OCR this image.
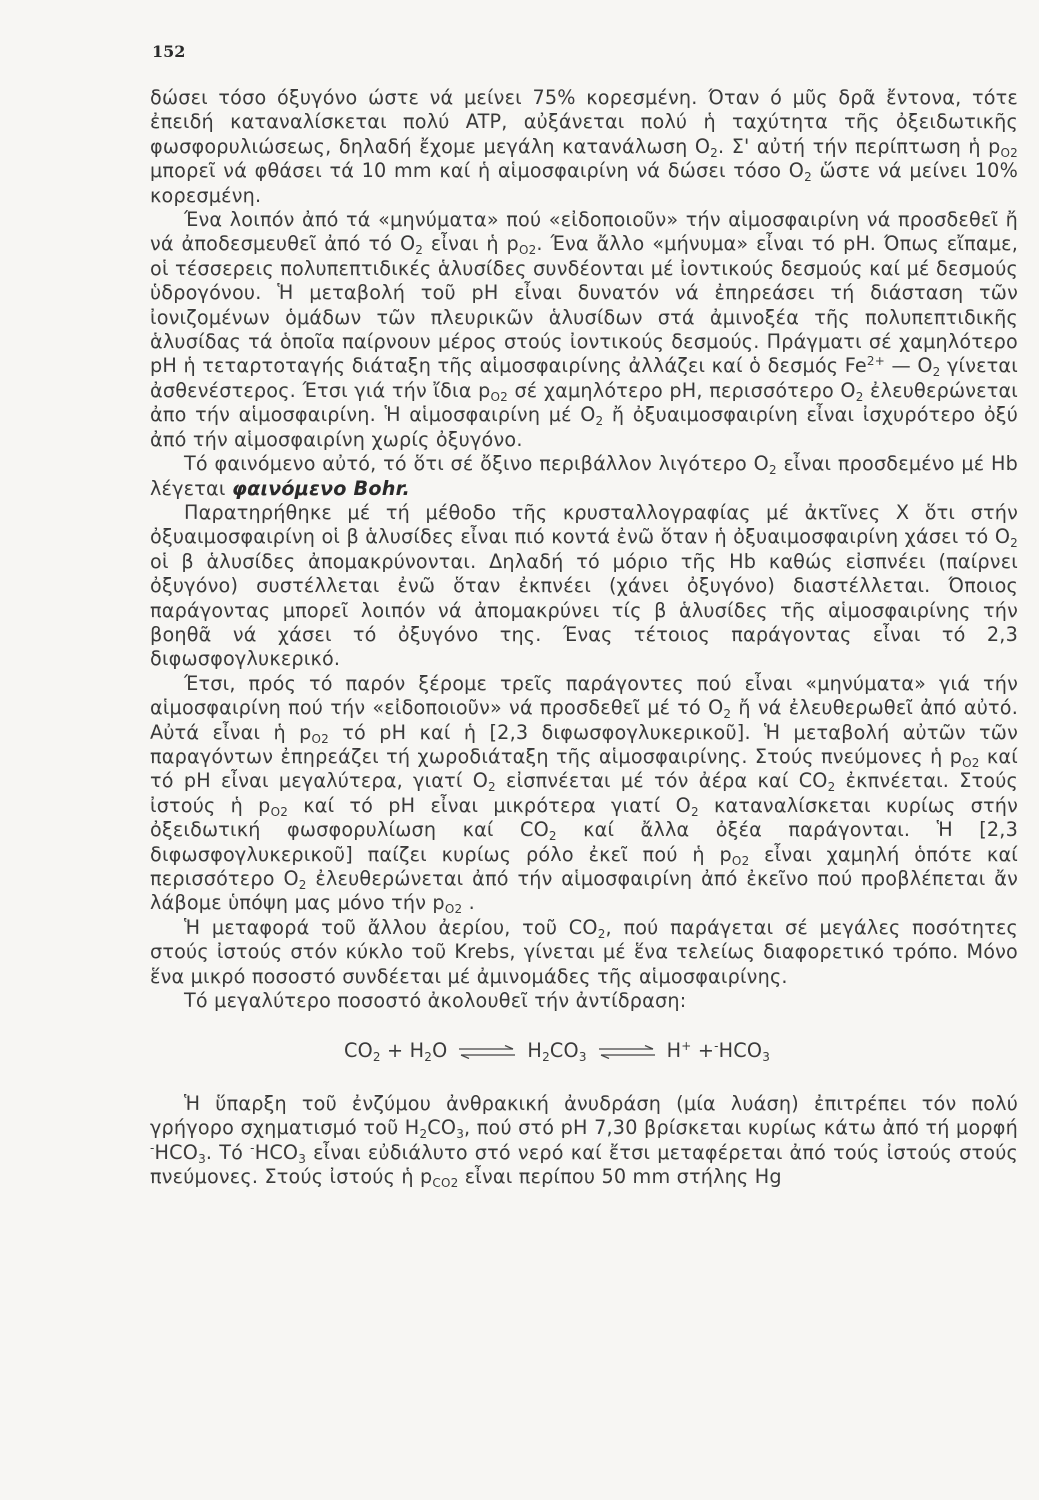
152

δώσει τόσο όξυγόνο ώστε νά μείνει 75% κορεσμένη. Όταν ό μῦς δρᾶ ἔντονα, τότε ἐπειδή καταναλίσκεται πολύ ATP, αὐξάνεται πολύ ἡ ταχύτητα τῆς ὀξειδωτικῆς φωσφορυλιώσεως, δηλαδή ἔχομε μεγάλη κατανάλωση $O_2$. Σ' αὐτή τήν περίπτωση ἡ $p_{O2}$ μπορεῖ νά φθάσει τά 10 mm καί ἡ αἱμοσφαιρίνη νά δώσει τόσο $O_2$ ὥστε νά μείνει 10% κορεσμένη.

Ένα λοιπόν ἀπό τά «μηνύματα» πού «εἰδοποιοῦν» τήν αἱμοσφαιρίνη νά προσδεθεῖ ἤ νά ἀποδεσμευθεῖ ἀπό τό $O_2$ εἶναι ἡ $p_{O2}$. Ένα ἄλλο «μήνυμα» εἶναι τό pH. Όπως εἴπαμε, οἱ τέσσερεις πολυπεπτιδικές ἁλυσίδες συνδέονται μέ ἰοντικούς δεσμούς καί μέ δεσμούς ὑδρογόνου. Ἡ μεταβολή τοῦ pH εἶναι δυνατόν νά ἐπηρεάσει τή διάσταση τῶν ἰονιζομένων ὁμάδων τῶν πλευρικῶν ἁλυσίδων στά ἀμινοξέα τῆς πολυπεπτιδικῆς ἁλυσίδας τά ὁποῖα παίρνουν μέρος στούς ἰοντικούς δεσμούς. Πράγματι σέ χαμηλότερο pH ἡ τεταρτοταγής διάταξη τῆς αἱμοσφαιρίνης ἀλλάζει καί ὁ δεσμός $Fe^{2+}$ — $O_2$ γίνεται ἀσθενέστερος. Έτσι γιά τήν ἴδια $p_{O2}$ σέ χαμηλότερο pH, περισσότερο $O_2$ ἐλευθερώνεται ἀπο τήν αἱμοσφαιρίνη. Ἡ αἱμοσφαιρίνη μέ $O_2$ ἤ ὀξυαιμοσφαιρίνη εἶναι ἰσχυρότερο ὀξύ ἀπό τήν αἱμοσφαιρίνη χωρίς ὀξυγόνο.

Τό φαινόμενο αὐτό, τό ὅτι σέ ὄξινο περιβάλλον λιγότερο $O_2$ εἶναι προσδεμένο μέ Hb λέγεται φαινόμενο Bohr.

Παρατηρήθηκε μέ τή μέθοδο τῆς κρυσταλλογραφίας μέ ἀκτῖνες X ὅτι στήν ὀξυαιμοσφαιρίνη οἱ β ἁλυσίδες εἶναι πιό κοντά ἐνῶ ὅταν ἡ ὀξυαιμοσφαιρίνη χάσει τό $O_2$ οἱ β ἁλυσίδες ἀπομακρύνονται. Δηλαδή τό μόριο τῆς Hb καθώς εἰσπνέει (παίρνει ὀξυγόνο) συστέλλεται ἐνῶ ὅταν ἐκπνέει (χάνει ὀξυγόνο) διαστέλλεται. Όποιος παράγοντας μπορεῖ λοιπόν νά ἀπομακρύνει τίς β ἁλυσίδες τῆς αἱμοσφαιρίνης τήν βοηθᾶ νά χάσει τό ὀξυγόνο της. Ένας τέτοιος παράγοντας εἶναι τό 2,3 διφωσφογλυκερικό.

Έτσι, πρός τό παρόν ξέρομε τρεῖς παράγοντες πού εἶναι «μηνύματα» γιά τήν αἱμοσφαιρίνη πού τήν «εἰδοποιοῦν» νά προσδεθεῖ μέ τό $O_2$ ἤ νά ἐλευθερωθεῖ ἀπό αὐτό. Αὐτά εἶναι ἡ $p_{O2}$ τό pH καί ἡ [2,3 διφωσφογλυκερικοῦ]. Ἡ μεταβολή αὐτῶν τῶν παραγόντων ἐπηρεάζει τή χωροδιάταξη τῆς αἱμοσφαιρίνης. Στούς πνεύμονες ἡ $p_{O2}$ καί τό pH εἶναι μεγαλύτερα, γιατί $O_2$ εἰσπνέεται μέ τόν ἀέρα καί $CO_2$ ἐκπνέεται. Στούς ἰστούς ἡ $p_{O2}$ καί τό pH εἶναι μικρότερα γιατί $O_2$ καταναλίσκεται κυρίως στήν ὀξειδωτική φωσφορυλίωση καί $CO_2$ καί ἄλλα ὀξέα παράγονται. Ἡ [2,3 διφωσφογλυκερικοῦ] παίζει κυρίως ρόλο ἐκεῖ πού ἡ $p_{O2}$ εἶναι χαμηλή ὁπότε καί περισσότερο $O_2$ ἐλευθερώνεται ἀπό τήν αἱμοσφαιρίνη ἀπό ἐκεῖνο πού προβλέπεται ἄν λάβομε ὑπόψη μας μόνο τήν $p_{O2}$ .

Ἡ μεταφορά τοῦ ἄλλου ἀερίου, τοῦ $CO_2$, πού παράγεται σέ μεγάλες ποσότητες στούς ἰστούς στόν κύκλο τοῦ Krebs, γίνεται μέ ἕνα τελείως διαφορετικό τρόπο. Μόνο ἕνα μικρό ποσοστό συνδέεται μέ ἀμινομάδες τῆς αἱμοσφαιρίνης.

Τό μεγαλύτερο ποσοστό ἀκολουθεῖ τήν ἀντίδραση:

$CO_2 + H_2O$ ⇌ $H_2CO_3$ ⇌ $H^+ +^-HCO_3$

Ἡ ὕπαρξη τοῦ ἐνζύμου ἀνθρακική ἀνυδράση (μία λυάση) ἐπιτρέπει τόν πολύ γρήγορο σχηματισμό τοῦ $H_2CO_3$, πού στό pH 7,30 βρίσκεται κυρίως κάτω ἀπό τή μορφή $^-HCO_3$. Τό $^-HCO_3$ εἶναι εὐδιάλυτο στό νερό καί ἔτσι μεταφέρεται ἀπό τούς ἰστούς στούς πνεύμονες. Στούς ἰστούς ἡ $p_{CO2}$ εἶναι περίπου 50 mm στήλης Hg
